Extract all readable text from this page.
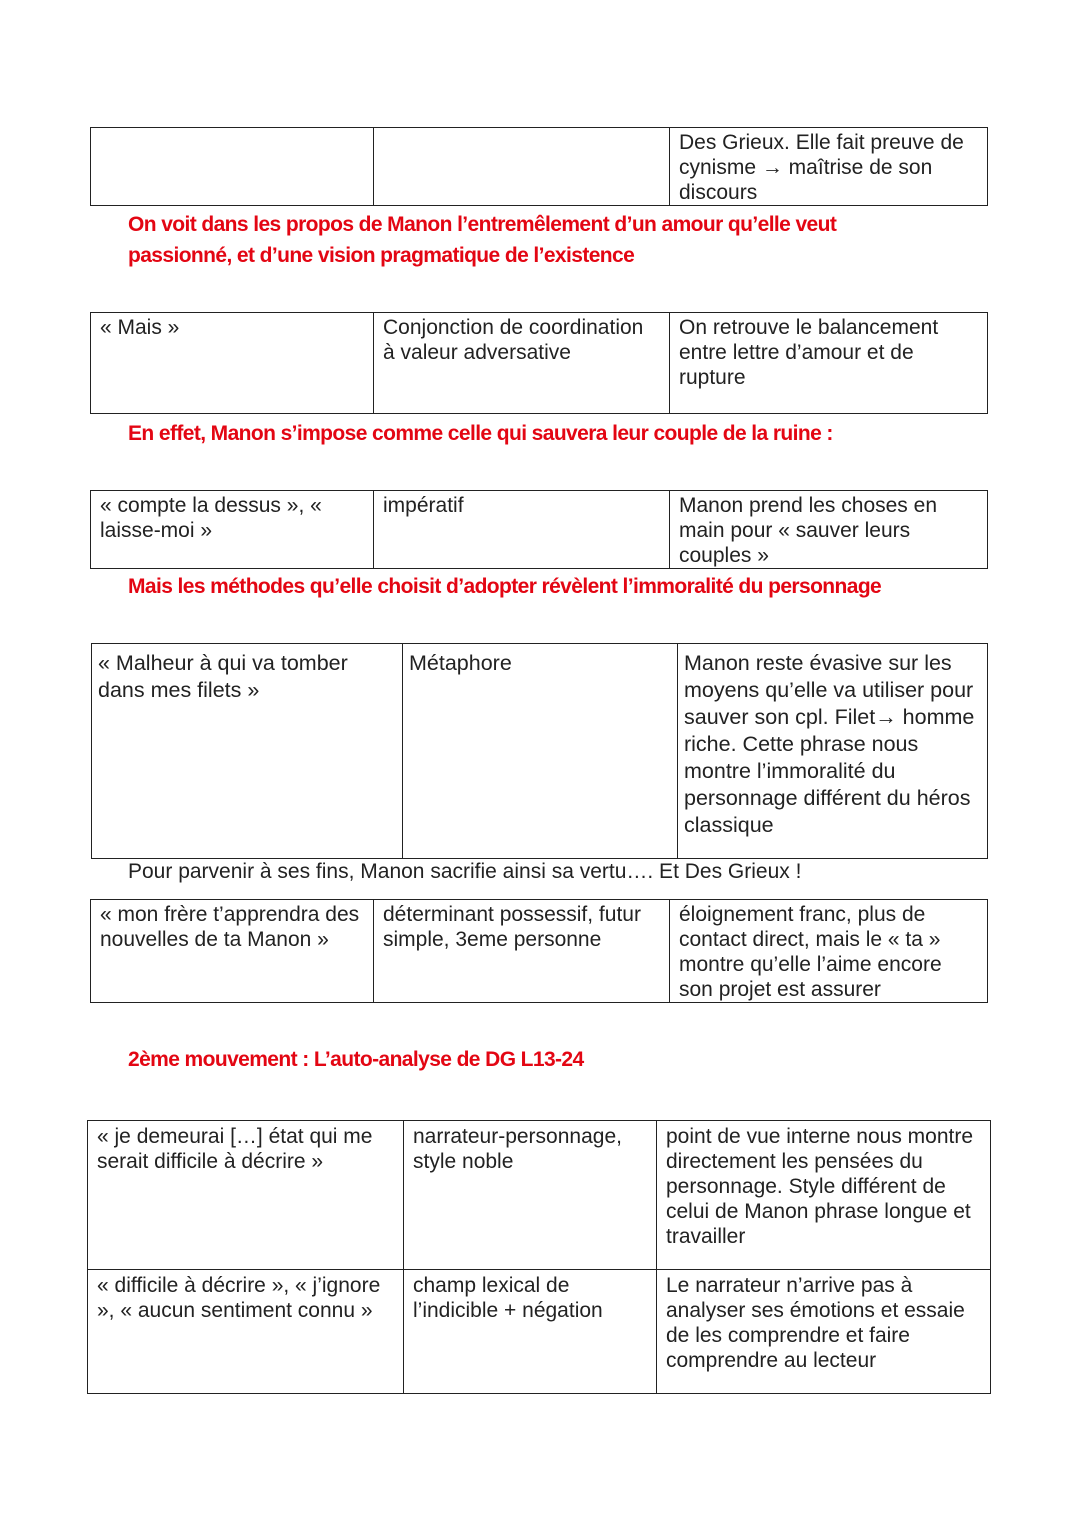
		Des Grieux. Elle fait preuve de cynisme → maîtrise de son discours

On voit dans les propos de Manon l’entremêlement d’un amour qu’elle veut passionné, et d’une vision pragmatique de l’existence

« Mais »	Conjonction de coordination à valeur adversative	On retrouve le balancement entre lettre d’amour et de rupture

En effet, Manon s’impose comme celle qui sauvera leur couple de la ruine :

« compte la dessus », « laisse-moi »	impératif	Manon prend les choses en main pour « sauver leurs couples »

Mais les méthodes qu’elle choisit d’adopter révèlent l’immoralité du personnage

« Malheur à qui va tomber dans mes filets »	Métaphore	Manon reste évasive sur les moyens qu’elle va utiliser pour sauver son cpl. Filet→ homme riche. Cette phrase nous montre l’immoralité du personnage différent du héros classique

Pour parvenir à ses fins, Manon sacrifie ainsi sa vertu…. Et Des Grieux !

« mon frère t’apprendra des nouvelles de ta Manon »	déterminant possessif, futur simple, 3eme personne	éloignement franc, plus de contact direct, mais le « ta » montre qu’elle l’aime encore son projet est assurer

2ème mouvement : L’auto-analyse de DG L13-24

« je demeurai […] état qui me serait difficile à décrire »	narrateur-personnage, style noble	point de vue interne nous montre directement les pensées du personnage. Style différent de celui de Manon phrase longue et travailler
« difficile à décrire », « j’ignore », « aucun sentiment connu »	champ lexical de l’indicible + négation	Le narrateur n’arrive pas à analyser ses émotions et essaie de les comprendre et faire comprendre au lecteur
